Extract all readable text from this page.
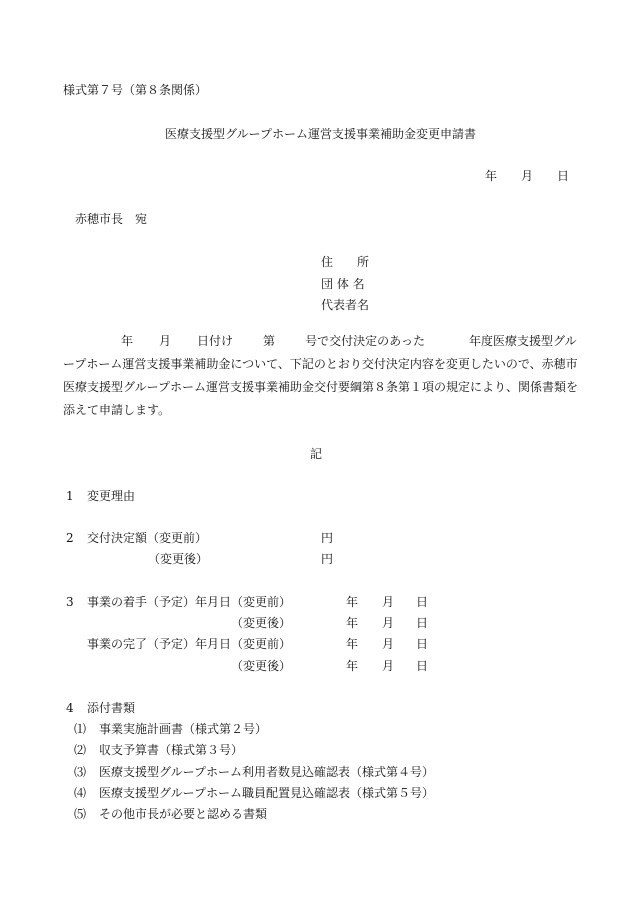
様式第７号（第８条関係）
医療支援型グループホーム運営支援事業補助金変更申請書
年 月 日
赤穂市長　宛
住　　所
団 体 名
代表者名
年 月 日付け	第	号で交付決定のあった	年度医療支援型グループホーム運営支援事業補助金について、下記のとおり交付決定内容を変更したいので、赤穂市医療支援型グループホーム運営支援事業補助金交付要綱第８条第１項の規定により、関係書類を添えて申請します。
記
1 変更理由
2 交付決定額（変更前）	円
（変更後）	円
3 事業の着手（予定）年月日（変更前）	年 月 日
（変更後）	年 月 日
事業の完了（予定）年月日（変更前）	年 月 日
（変更後）	年 月 日
4 添付書類
⑴ 事業実施計画書（様式第２号）
⑵ 収支予算書（様式第３号）
⑶ 医療支援型グループホーム利用者数見込確認表（様式第４号）
⑷ 医療支援型グループホーム職員配置見込確認表（様式第５号）
⑸ その他市長が必要と認める書類
